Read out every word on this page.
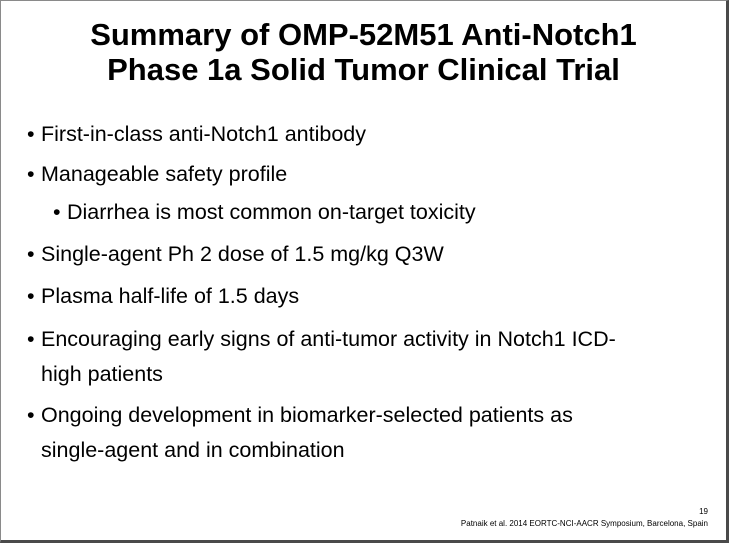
Summary of OMP-52M51 Anti-Notch1
Phase 1a Solid Tumor Clinical Trial
• First-in-class anti-Notch1 antibody
• Manageable safety profile
• Diarrhea is most common on-target toxicity
• Single-agent Ph 2 dose of 1.5 mg/kg Q3W
• Plasma half-life of 1.5 days
• Encouraging early signs of anti-tumor activity in Notch1 ICD-
high patients
• Ongoing development in biomarker-selected patients as
single-agent and in combination
19
Patnaik et al. 2014 EORTC-NCI-AACR Symposium, Barcelona, Spain
